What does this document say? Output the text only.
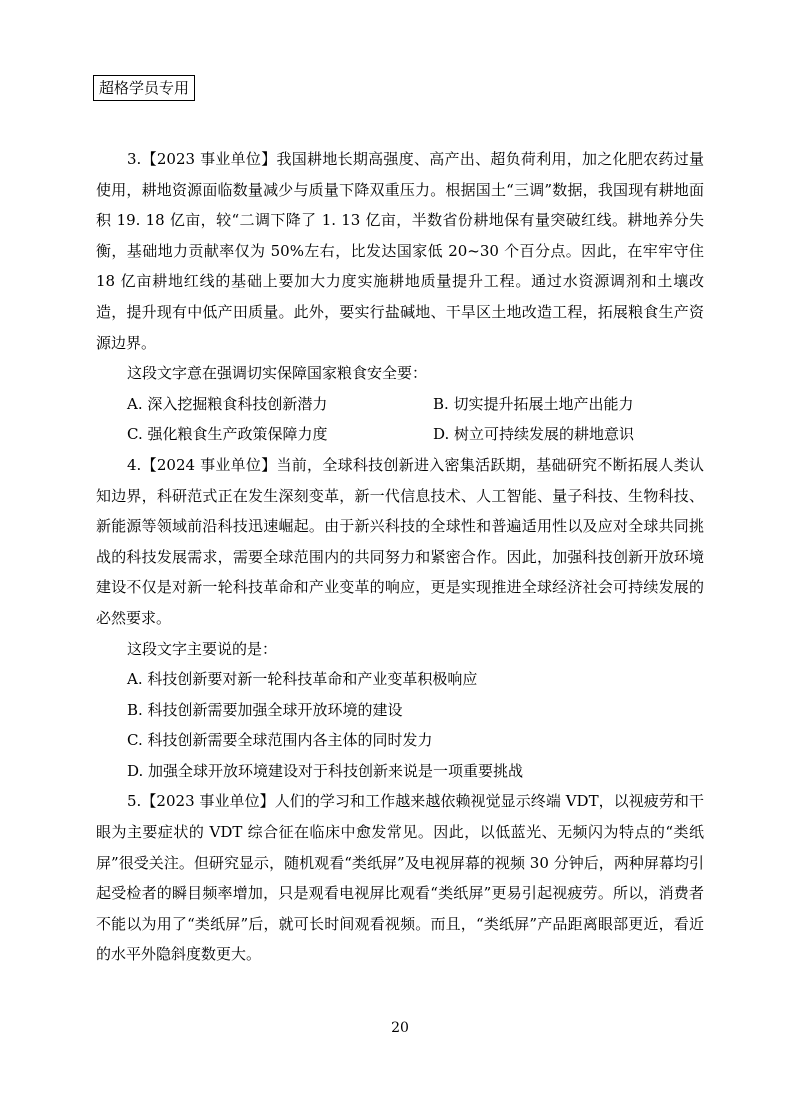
超格学员专用

3.【2023 事业单位】我国耕地长期高强度、高产出、超负荷利用，加之化肥农药过量使用，耕地资源面临数量减少与质量下降双重压力。根据国土“三调”数据，我国现有耕地面积 19. 18 亿亩，较“二调下降了 1. 13 亿亩，半数省份耕地保有量突破红线。耕地养分失衡，基础地力贡献率仅为 50%左右，比发达国家低 20~30 个百分点。因此，在牢牢守住 18 亿亩耕地红线的基础上要加大力度实施耕地质量提升工程。通过水资源调剂和土壤改造，提升现有中低产田质量。此外，要实行盐碱地、干旱区土地改造工程，拓展粮食生产资源边界。

这段文字意在强调切实保障国家粮食安全要：

A. 深入挖掘粮食科技创新潜力	B. 切实提升拓展土地产出能力
C. 强化粮食生产政策保障力度	D. 树立可持续发展的耕地意识

4.【2024 事业单位】当前，全球科技创新进入密集活跃期，基础研究不断拓展人类认知边界，科研范式正在发生深刻变革，新一代信息技术、人工智能、量子科技、生物科技、新能源等领域前沿科技迅速崛起。由于新兴科技的全球性和普遍适用性以及应对全球共同挑战的科技发展需求，需要全球范围内的共同努力和紧密合作。因此，加强科技创新开放环境建设不仅是对新一轮科技革命和产业变革的响应，更是实现推进全球经济社会可持续发展的必然要求。

这段文字主要说的是：

A. 科技创新要对新一轮科技革命和产业变革积极响应

B. 科技创新需要加强全球开放环境的建设

C. 科技创新需要全球范围内各主体的同时发力

D. 加强全球开放环境建设对于科技创新来说是一项重要挑战

5.【2023 事业单位】人们的学习和工作越来越依赖视觉显示终端 VDT，以视疲劳和干眼为主要症状的 VDT 综合征在临床中愈发常见。因此，以低蓝光、无频闪为特点的“类纸屏”很受关注。但研究显示，随机观看“类纸屏”及电视屏幕的视频 30 分钟后，两种屏幕均引起受检者的瞬目频率增加，只是观看电视屏比观看“类纸屏”更易引起视疲劳。所以，消费者不能以为用了“类纸屏”后，就可长时间观看视频。而且，“类纸屏”产品距离眼部更近，看近的水平外隐斜度数更大。

20
